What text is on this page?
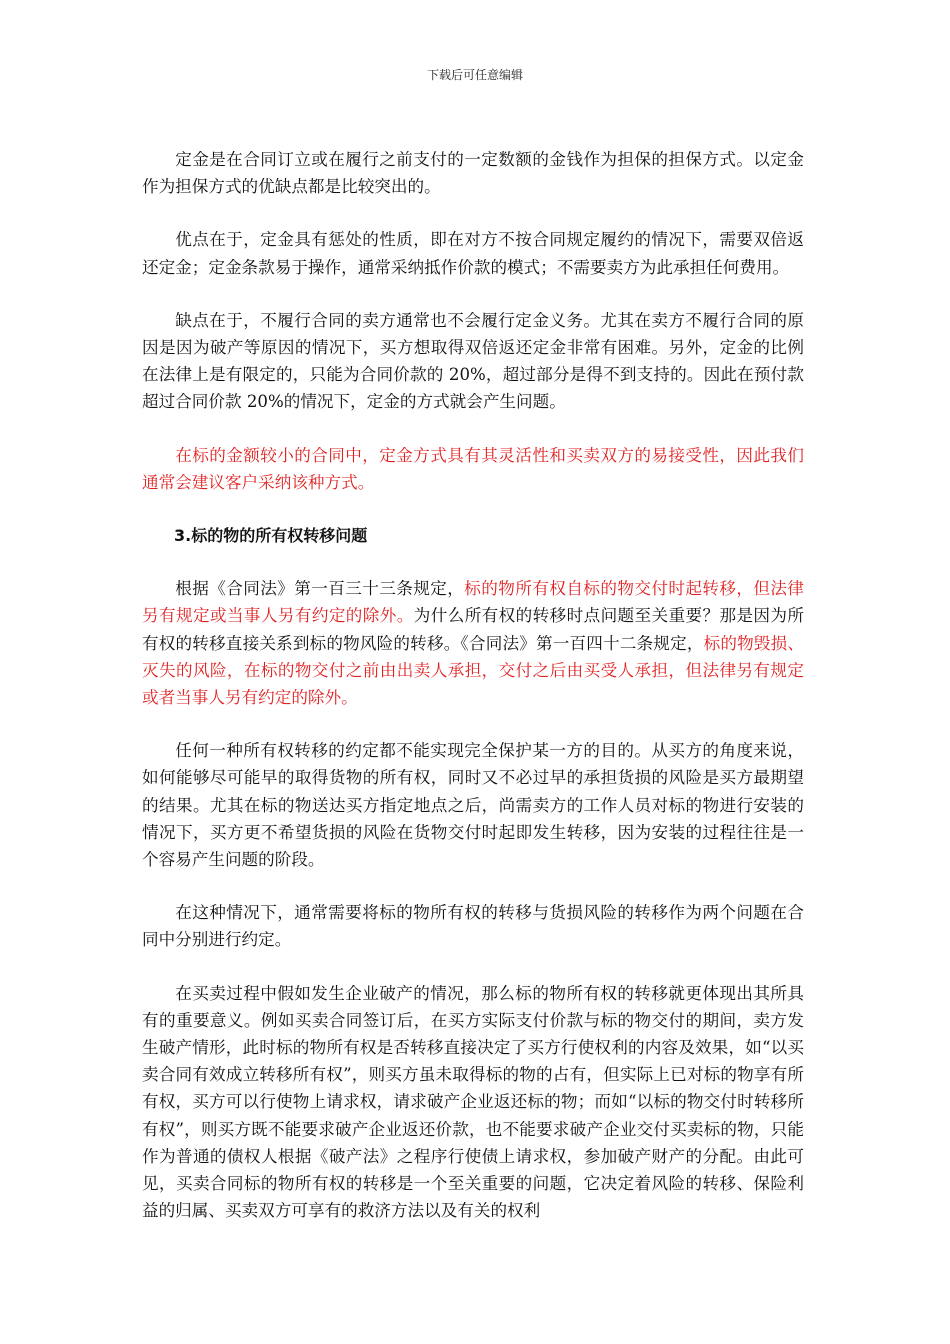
下载后可任意编辑

定金是在合同订立或在履行之前支付的一定数额的金钱作为担保的担保方式。以定金作为担保方式的优缺点都是比较突出的。

优点在于，定金具有惩处的性质，即在对方不按合同规定履约的情况下，需要双倍返还定金；定金条款易于操作，通常采纳抵作价款的模式；不需要卖方为此承担任何费用。

缺点在于，不履行合同的卖方通常也不会履行定金义务。尤其在卖方不履行合同的原因是因为破产等原因的情况下，买方想取得双倍返还定金非常有困难。另外，定金的比例在法律上是有限定的，只能为合同价款的 20%，超过部分是得不到支持的。因此在预付款超过合同价款 20%的情况下，定金的方式就会产生问题。

在标的金额较小的合同中，定金方式具有其灵活性和买卖双方的易接受性，因此我们通常会建议客户采纳该种方式。

3.标的物的所有权转移问题

根据《合同法》第一百三十三条规定，标的物所有权自标的物交付时起转移，但法律另有规定或当事人另有约定的除外。为什么所有权的转移时点问题至关重要？那是因为所有权的转移直接关系到标的物风险的转移。《合同法》第一百四十二条规定，标的物毁损、灭失的风险，在标的物交付之前由出卖人承担，交付之后由买受人承担，但法律另有规定或者当事人另有约定的除外。

任何一种所有权转移的约定都不能实现完全保护某一方的目的。从买方的角度来说，如何能够尽可能早的取得货物的所有权，同时又不必过早的承担货损的风险是买方最期望的结果。尤其在标的物送达买方指定地点之后，尚需卖方的工作人员对标的物进行安装的情况下，买方更不希望货损的风险在货物交付时起即发生转移，因为安装的过程往往是一个容易产生问题的阶段。

在这种情况下，通常需要将标的物所有权的转移与货损风险的转移作为两个问题在合同中分别进行约定。

在买卖过程中假如发生企业破产的情况，那么标的物所有权的转移就更体现出其所具有的重要意义。例如买卖合同签订后，在买方实际支付价款与标的物交付的期间，卖方发生破产情形，此时标的物所有权是否转移直接决定了买方行使权利的内容及效果，如“以买卖合同有效成立转移所有权”，则买方虽未取得标的物的占有，但实际上已对标的物享有所有权，买方可以行使物上请求权，请求破产企业返还标的物；而如“以标的物交付时转移所有权”，则买方既不能要求破产企业返还价款，也不能要求破产企业交付买卖标的物，只能作为普通的债权人根据《破产法》之程序行使债上请求权，参加破产财产的分配。由此可见，买卖合同标的物所有权的转移是一个至关重要的问题，它决定着风险的转移、保险利益的归属、买卖双方可享有的救济方法以及有关的权利
